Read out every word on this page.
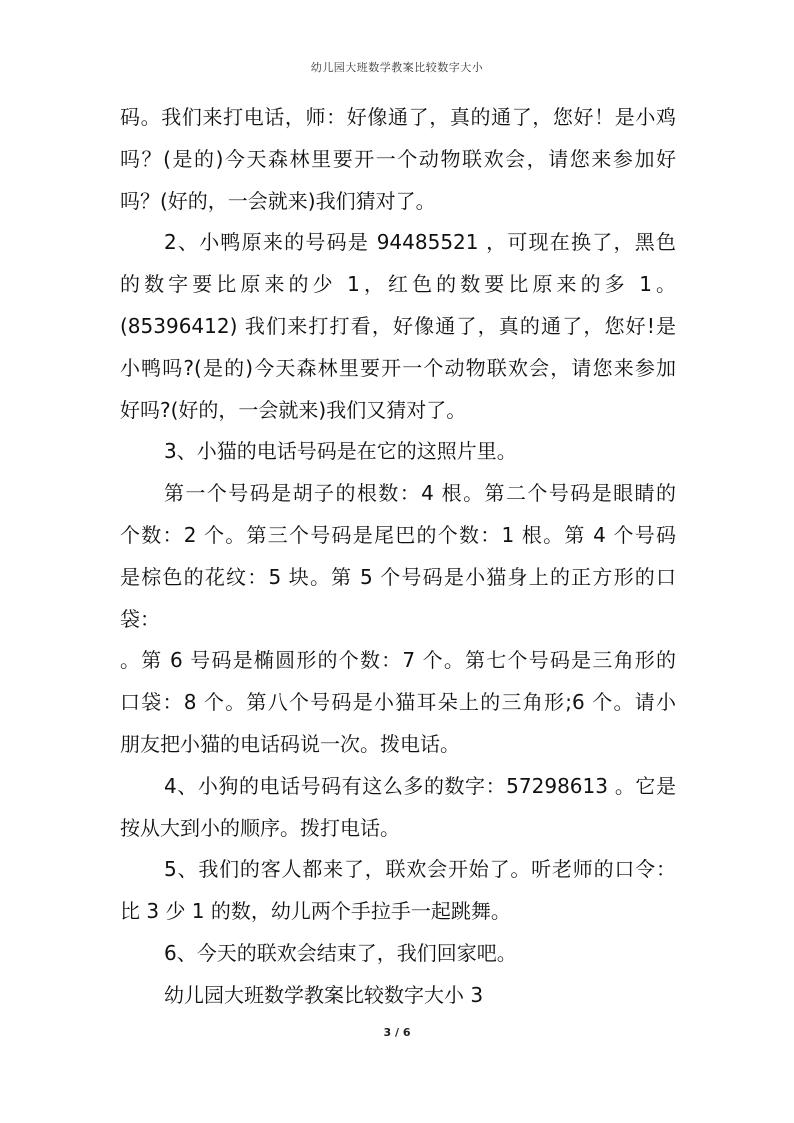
幼儿园大班数学教案比较数字大小
码。我们来打电话，师：好像通了，真的通了，您好！是小鸡
吗？(是的)今天森林里要开一个动物联欢会，请您来参加好
吗？(好的，一会就来)我们猜对了。
2、小鸭原来的号码是 94485521 ，可现在换了，黑色
的数字要比原来的少 1，红色的数要比原来的多 1。
(85396412) 我们来打打看，好像通了，真的通了，您好!是
小鸭吗?(是的)今天森林里要开一个动物联欢会，请您来参加
好吗?(好的，一会就来)我们又猜对了。
3、小猫的电话号码是在它的这照片里。
第一个号码是胡子的根数：4 根。第二个号码是眼睛的
个数：2 个。第三个号码是尾巴的个数：1 根。第 4 个号码
是棕色的花纹：5 块。第 5 个号码是小猫身上的正方形的口
袋：
。第 6 号码是椭圆形的个数：7 个。第七个号码是三角形的
口袋：8 个。第八个号码是小猫耳朵上的三角形;6 个。请小
朋友把小猫的电话码说一次。拨电话。
4、小狗的电话号码有这么多的数字：57298613 。它是
按从大到小的顺序。拨打电话。
5、我们的客人都来了，联欢会开始了。听老师的口令：
比 3 少 1 的数，幼儿两个手拉手一起跳舞。
6、今天的联欢会结束了，我们回家吧。
幼儿园大班数学教案比较数字大小 3
3 / 6
